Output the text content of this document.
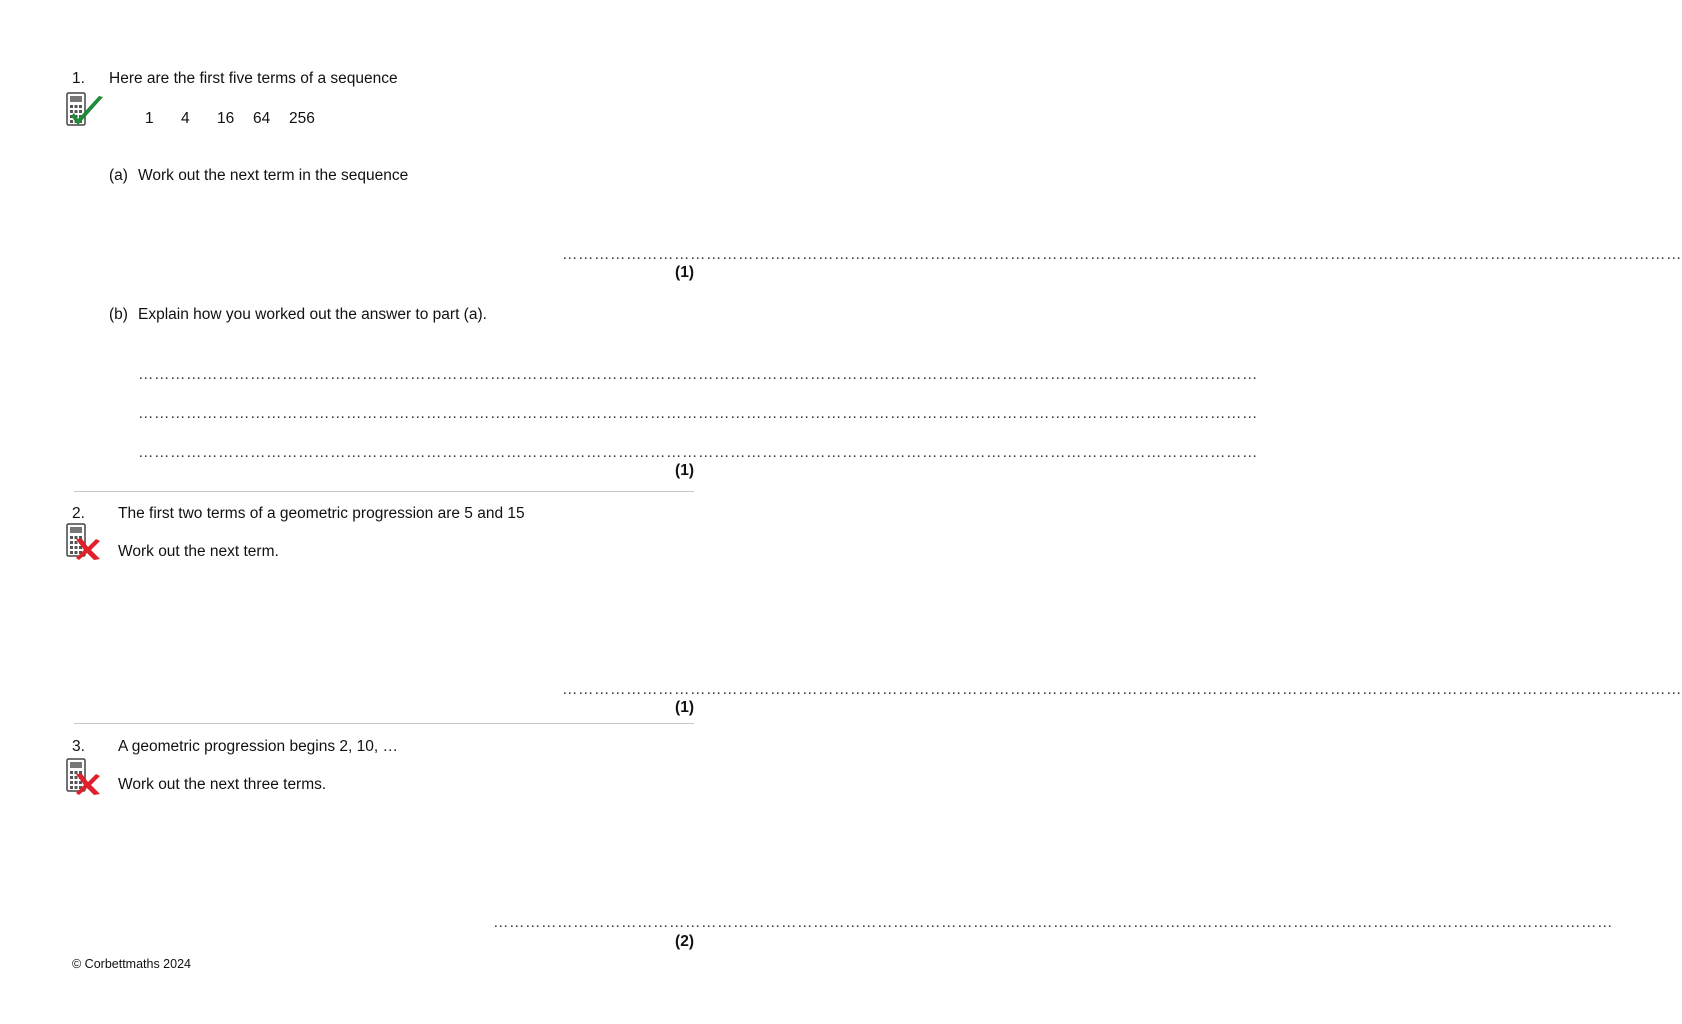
1. Here are the first five terms of a sequence
1 4 16 64 256
(a) Work out the next term in the sequence
…………………………………………………………………………………………………………………………………………………………………………………………
(1)
(b) Explain how you worked out the answer to part (a).
…………………………………………………………………………………………………………………………………………………………………………………………
…………………………………………………………………………………………………………………………………………………………………………………………
…………………………………………………………………………………………………………………………………………………………………………………………
(1)
2. The first two terms of a geometric progression are 5 and 15
Work out the next term.
…………………………………………………………………………………………………………………………………………………………………………………………
(1)
3. A geometric progression begins 2, 10, …
Work out the next three terms.
…………………………………………………………………………………………………………………………………………………………………………………………
(2)
© Corbettmaths 2024
